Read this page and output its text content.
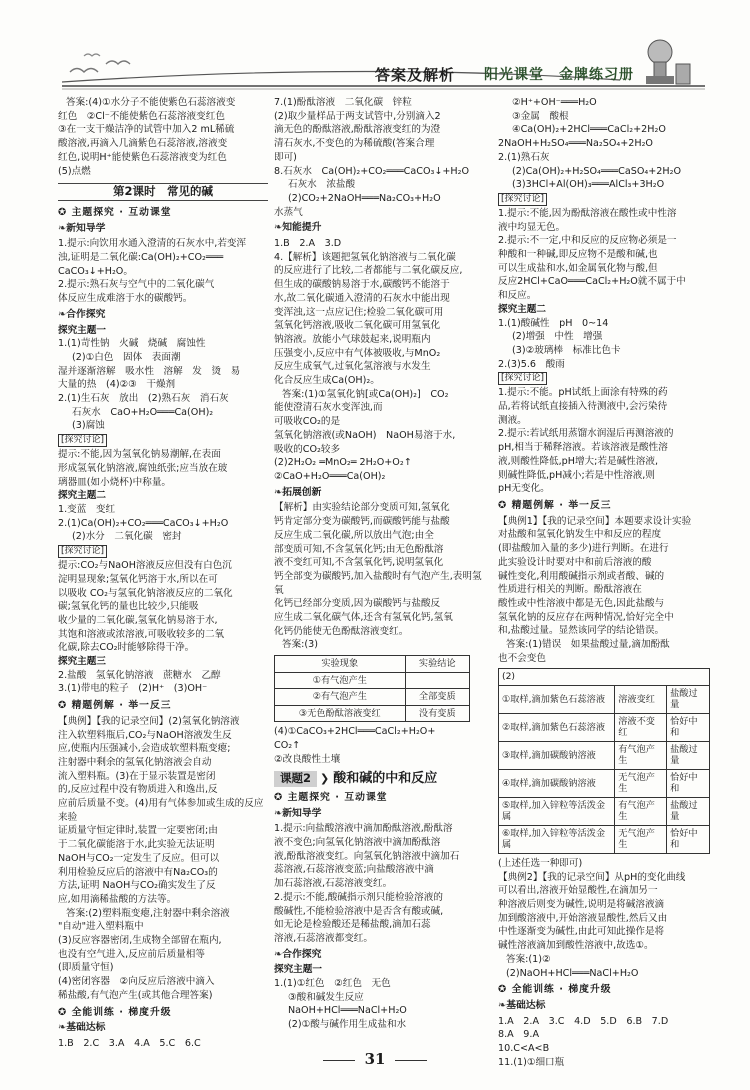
答案及解析 阳光课堂　金牌练习册

答案:(4)①水分子不能使紫色石蕊溶液变

红色　②Cl⁻不能使紫色石蕊溶液变红色

③在一支干燥洁净的试管中加入2 mL稀硫

酸溶液,再滴入几滴紫色石蕊溶液,溶液变

红色,说明H⁺能使紫色石蕊溶液变为红色

(5)点燃

第2课时　常见的碱
✪ 主题探究 · 互动课堂
❧新知导学

1.提示:向饮用水通入澄清的石灰水中,若变浑

浊,证明是二氧化碳:Ca(OH)₂+CO₂═══

CaCO₃↓+H₂O。

2.提示:熟石灰与空气中的二氧化碳气

体反应生成难溶于水的碳酸钙。

❧合作探究

探究主题一

1.(1)苛性钠　火碱　烧碱　腐蚀性

(2)①白色　固体　表面潮

湿并逐渐溶解　吸水性　溶解　发　烫　易

大量的热　(4)②③　干燥剂

2.(1)生石灰　放出　(2)熟石灰　消石灰

石灰水　CaO+H₂O═══Ca(OH)₂

(3)腐蚀

[探究讨论]

提示:不能,因为氢氧化钠易潮解,在表面

形成氢氧化钠溶液,腐蚀纸张;应当放在玻

璃器皿(如小烧杯)中称量。

探究主题二

1.变蓝　变红

2.(1)Ca(OH)₂+CO₂═══CaCO₃↓+H₂O

(2)水分　二氧化碳　密封

[探究讨论]

提示:CO₂与NaOH溶液反应但没有白色沉

淀明显现象;氢氧化钙溶于水,所以在可

以吸收 CO₂与氢氧化钠溶液反应的二氧化

碳;氢氧化钙的量也比较少,只能吸

收少量的二氧化碳,氢氧化钠易溶于水,

其饱和溶液或浓溶液,可吸收较多的二氧

化碳,除去CO₂时能够除得干净。

探究主题三

2.盐酸　氢氧化钠溶液　蔗糖水　乙醇

3.(1)带电的粒子　(2)H⁺　(3)OH⁻

✪ 精题例解 · 举一反三

【典例】【我的记录空间】(2)氢氧化钠溶液

注入软塑料瓶后,CO₂与NaOH溶液发生反

应,使瓶内压强减小,会造成软塑料瓶变瘪;

注射器中剩余的氢氧化钠溶液会自动

流入塑料瓶。(3)在于显示装置是密闭

的,反应过程中没有物质进入和逸出,反

应前后质量不变。(4)用有气体参加或生成的反应来验

证质量守恒定律时,装置一定要密闭;由

于二氧化碳能溶于水,此实验无法证明

NaOH与CO₂一定发生了反应。但可以

利用检验反应后的溶液中有Na₂CO₃的

方法,证明 NaOH与CO₂确实发生了反

应,如用滴稀盐酸的方法等。

答案:(2)塑料瓶变瘪,注射器中剩余溶液

"自动"进入塑料瓶中

(3)反应容器密闭,生成物全部留在瓶内,

也没有空气进入,反应前后质量相等

(即质量守恒)

(4)密闭容器　②向反应后溶液中滴入

稀盐酸,有气泡产生(或其他合理答案)

✪ 全能训练 · 梯度升级
❧基础达标

1.B　2.C　3.A　4.A　5.C　6.C

7.(1)酚酞溶液　二氧化碳　锌粒

(2)取少量样品于两支试管中,分别滴入2

滴无色的酚酞溶液,酚酞溶液变红的为澄

清石灰水,不变色的为稀硫酸(答案合理

即可)

8.石灰水　Ca(OH)₂+CO₂═══CaCO₃↓+H₂O

石灰水　浓盐酸

(2)CO₂+2NaOH═══Na₂CO₃+H₂O

水蒸气

❧知能提升

1.B　2.A　3.D

4.【解析】该题把氢氧化钠溶液与二氧化碳

的反应进行了比较,二者都能与二氧化碳反应,

但生成的碳酸钠易溶于水,碳酸钙不能溶于

水,故二氧化碳通入澄清的石灰水中能出现

变浑浊,这一点应记住;检验二氧化碳可用

氢氧化钙溶液,吸收二氧化碳可用氢氧化

钠溶液。放能小气球鼓起来,说明瓶内

压强变小,反应中有气体被吸收,与MnO₂

反应生成氧气,过氧化氢溶液与水发生

化合反应生成Ca(OH)₂。

答案:(1)①氢氧化钠[或Ca(OH)₂]　CO₂

能使澄清石灰水变浑浊,而

可吸收CO₂的是

氢氧化钠溶液(或NaOH)　NaOH易溶于水,

吸收的CO₂较多

(2)2H₂O₂ ═MnO₂═ 2H₂O+O₂↑

②CaO+H₂O═══Ca(OH)₂

❧拓展创新

【解析】由实验结论部分变质可知,氢氧化

钙肯定部分变为碳酸钙,而碳酸钙能与盐酸

反应生成二氧化碳,所以放出气泡;由全

部变质可知,不含氢氧化钙;由无色酚酞溶

液不变红可知,不含氢氧化钙,说明氢氧化

钙全部变为碳酸钙,加入盐酸时有气泡产生,表明氢氧

化钙已经部分变质,因为碳酸钙与盐酸反

应生成二氧化碳气体,还含有氢氧化钙,氢氧

化钙仍能使无色酚酞溶液变红。

答案:(3)

实验现象	实验结论
①有气泡产生	
②有气泡产生	全部变质
③无色酚酞溶液变红	没有变质

(4)①CaCO₃+2HCl═══CaCl₂+H₂O+

CO₂↑

②改良酸性土壤

课题2 ❯ 酸和碱的中和反应
✪ 主题探究 · 互动课堂
❧新知导学

1.提示:向盐酸溶液中滴加酚酞溶液,酚酞溶

液不变色;向氢氧化钠溶液中滴加酚酞溶

液,酚酞溶液变红。向氢氧化钠溶液中滴加石

蕊溶液,石蕊溶液变蓝;向盐酸溶液中滴

加石蕊溶液,石蕊溶液变红。

2.提示:不能,酸碱指示剂只能检验溶液的

酸碱性,不能检验溶液中是否含有酸或碱,

如无论是检验酸还是稀盐酸,滴加石蕊

溶液,石蕊溶液都变红。

❧合作探究

探究主题一

1.(1)①红色　②红色　无色

③酸和碱发生反应

NaOH+HCl═══NaCl+H₂O

(2)①酸与碱作用生成盐和水

②H⁺+OH⁻═══H₂O

③金属　酸根

④Ca(OH)₂+2HCl═══CaCl₂+2H₂O

2NaOH+H₂SO₄═══Na₂SO₄+2H₂O

2.(1)熟石灰

(2)Ca(OH)₂+H₂SO₄═══CaSO₄+2H₂O

(3)3HCl+Al(OH)₃═══AlCl₃+3H₂O

[探究讨论]

1.提示:不能,因为酚酞溶液在酸性或中性溶

液中均显无色。

2.提示:不一定,中和反应的反应物必须是一

种酸和一种碱,即反应物不是酸和碱,也

可以生成盐和水,如金属氧化物与酸,但

反应2HCl+CaO═══CaCl₂+H₂O就不属于中

和反应。

探究主题二

1.(1)酸碱性　pH　0~14

(2)增强　中性　增强

(3)②玻璃棒　标准比色卡

2.(3)5.6　酸雨

[探究讨论]

1.提示:不能。pH试纸上面涂有特殊的药

品,若将试纸直接插入待测液中,会污染待

测液。

2.提示:若试纸用蒸馏水润湿后再测溶液的

pH,相当于稀释溶液。若该溶液是酸性溶

液,则酸性降低,pH增大;若是碱性溶液,

则碱性降低,pH减小;若是中性溶液,则

pH无变化。

✪ 精题例解 · 举一反三

【典例1】【我的记录空间】本题要求设计实验

对盐酸和氢氧化钠发生中和反应的程度

(即盐酸加入量的多少)进行判断。在进行

此实验设计时要对中和前后溶液的酸

碱性变化,利用酸碱指示剂或者酸、碱的

性质进行相关的判断。酚酞溶液在

酸性或中性溶液中都是无色,因此盐酸与

氢氧化钠的反应存在两种情况,恰好完全中

和,盐酸过量。显然该同学的结论错误。

答案:(1)错误　如果盐酸过量,滴加酚酞

也不会变色

(2)		
①取样,滴加紫色石蕊溶液	溶液变红	盐酸过量
②取样,滴加紫色石蕊溶液	溶液不变红	恰好中和
③取样,滴加碳酸钠溶液	有气泡产生	盐酸过量
④取样,滴加碳酸钠溶液	无气泡产生	恰好中和
⑤取样,加入锌粒等活泼金属	有气泡产生	盐酸过量
⑥取样,加入锌粒等活泼金属	无气泡产生	恰好中和

(上述任选一种即可)

【典例2】【我的记录空间】从pH的变化曲线

可以看出,溶液开始显酸性,在滴加另一

种溶液后则变为碱性,说明是将碱溶液滴

加到酸溶液中,开始溶液显酸性,然后又由

中性逐渐变为碱性,由此可知此操作是将

碱性溶液滴加到酸性溶液中,故选①。

答案:(1)②

(2)NaOH+HCl═══NaCl+H₂O

✪ 全能训练 · 梯度升级
❧基础达标

1.A　2.A　3.C　4.D　5.D　6.B　7.D

8.A　9.A

10.C<A<B

11.(1)①细口瓶

31
